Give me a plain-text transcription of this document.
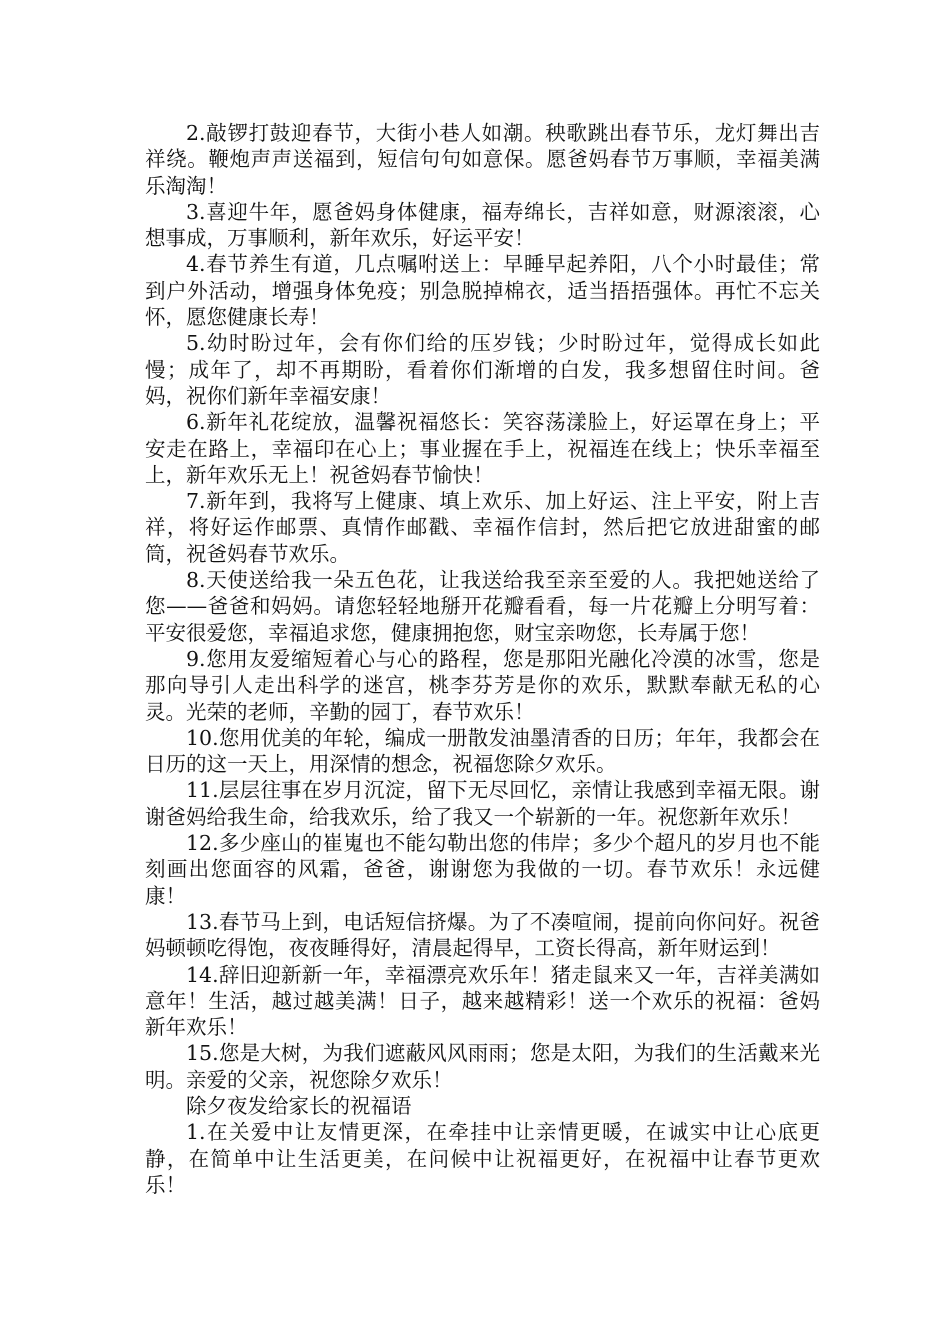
2.敲锣打鼓迎春节，大街小巷人如潮。秧歌跳出春节乐，龙灯舞出吉祥绕。鞭炮声声送福到，短信句句如意保。愿爸妈春节万事顺，幸福美满乐淘淘！

3.喜迎牛年，愿爸妈身体健康，福寿绵长，吉祥如意，财源滚滚，心想事成，万事顺利，新年欢乐，好运平安！

4.春节养生有道，几点嘱咐送上：早睡早起养阳，八个小时最佳；常到户外活动，增强身体免疫；别急脱掉棉衣，适当捂捂强体。再忙不忘关怀，愿您健康长寿！

5.幼时盼过年，会有你们给的压岁钱；少时盼过年，觉得成长如此慢；成年了，却不再期盼，看着你们渐增的白发，我多想留住时间。爸妈，祝你们新年幸福安康！

6.新年礼花绽放，温馨祝福悠长：笑容荡漾脸上，好运罩在身上；平安走在路上，幸福印在心上；事业握在手上，祝福连在线上；快乐幸福至上，新年欢乐无上！祝爸妈春节愉快！

7.新年到，我将写上健康、填上欢乐、加上好运、注上平安，附上吉祥，将好运作邮票、真情作邮戳、幸福作信封，然后把它放进甜蜜的邮筒，祝爸妈春节欢乐。

8.天使送给我一朵五色花，让我送给我至亲至爱的人。我把她送给了您——爸爸和妈妈。请您轻轻地掰开花瓣看看，每一片花瓣上分明写着：平安很爱您，幸福追求您，健康拥抱您，财宝亲吻您，长寿属于您！

9.您用友爱缩短着心与心的路程，您是那阳光融化冷漠的冰雪，您是那向导引人走出科学的迷宫，桃李芬芳是你的欢乐，默默奉献无私的心灵。光荣的老师，辛勤的园丁，春节欢乐！

10.您用优美的年轮，编成一册散发油墨清香的日历；年年，我都会在日历的这一天上，用深情的想念，祝福您除夕欢乐。

11.层层往事在岁月沉淀，留下无尽回忆，亲情让我感到幸福无限。谢谢爸妈给我生命，给我欢乐，给了我又一个崭新的一年。祝您新年欢乐！

12.多少座山的崔嵬也不能勾勒出您的伟岸；多少个超凡的岁月也不能刻画出您面容的风霜，爸爸，谢谢您为我做的一切。春节欢乐！永远健康！

13.春节马上到，电话短信挤爆。为了不凑喧闹，提前向你问好。祝爸妈顿顿吃得饱，夜夜睡得好，清晨起得早，工资长得高，新年财运到！

14.辞旧迎新新一年，幸福漂亮欢乐年！猪走鼠来又一年，吉祥美满如意年！生活，越过越美满！日子，越来越精彩！送一个欢乐的祝福：爸妈新年欢乐！

15.您是大树，为我们遮蔽风风雨雨；您是太阳，为我们的生活戴来光明。亲爱的父亲，祝您除夕欢乐！

除夕夜发给家长的祝福语

1.在关爱中让友情更深，在牵挂中让亲情更暖，在诚实中让心底更静，在简单中让生活更美，在问候中让祝福更好，在祝福中让春节更欢乐！
